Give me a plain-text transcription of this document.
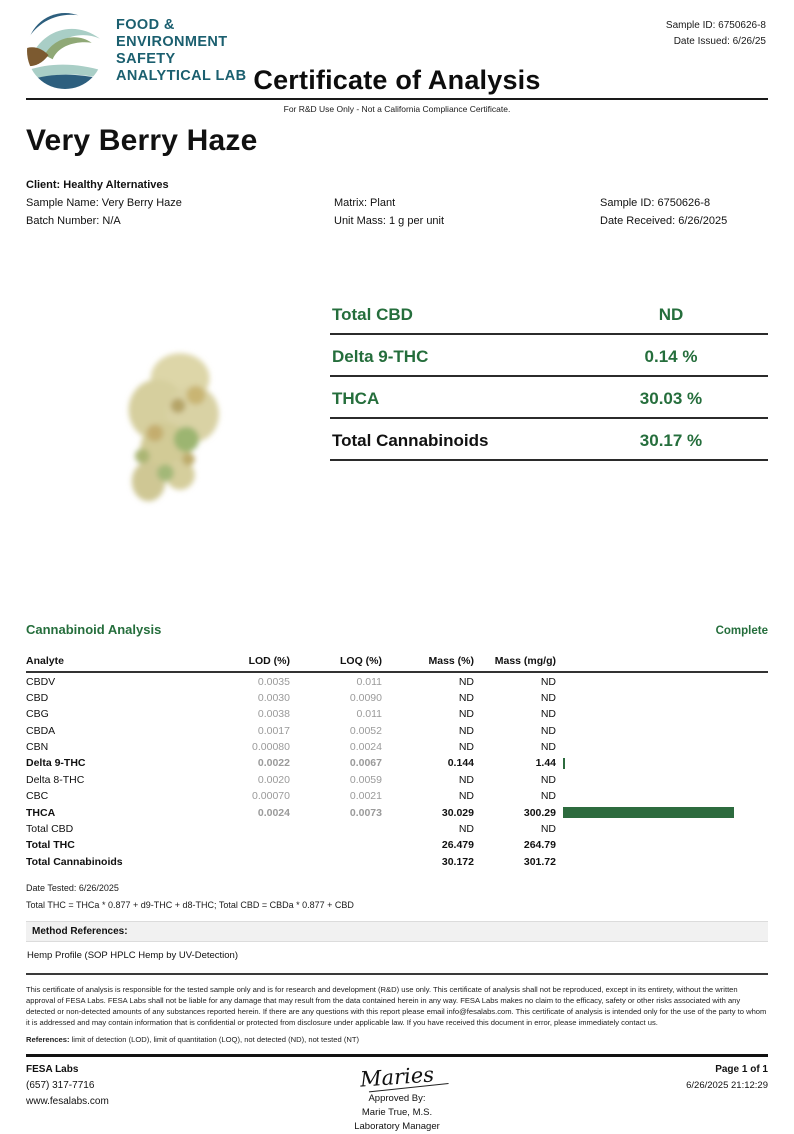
FOOD &
ENVIRONMENT
SAFETY
ANALYTICAL LAB
Sample ID: 6750626-8
Date Issued: 6/26/25
Certificate of Analysis
For R&D Use Only - Not a California Compliance Certificate.
Very Berry Haze
Client: Healthy Alternatives
Sample Name: Very Berry Haze	Matrix: Plant	Sample ID: 6750626-8
Batch Number: N/A	Unit Mass: 1 g per unit	Date Received: 6/26/2025
Total CBD	ND
Delta 9-THC	0.14 %
THCA	30.03 %
Total Cannabinoids	30.17 %
Cannabinoid Analysis	Complete
Analyte	LOD (%)	LOQ (%)	Mass (%)	Mass (mg/g)	
CBDV	0.0035	0.011	ND	ND	
CBD	0.0030	0.0090	ND	ND	
CBG	0.0038	0.011	ND	ND	
CBDA	0.0017	0.0052	ND	ND	
CBN	0.00080	0.0024	ND	ND	
Delta 9-THC	0.0022	0.0067	0.144	1.44	

Delta 8-THC	0.0020	0.0059	ND	ND	
CBC	0.00070	0.0021	ND	ND	
THCA	0.0024	0.0073	30.029	300.29	

Total CBD			ND	ND	
Total THC			26.479	264.79	
Total Cannabinoids			30.172	301.72	
Date Tested: 6/26/2025
Total THC = THCa * 0.877 + d9-THC + d8-THC; Total CBD = CBDa * 0.877 + CBD
Method References:
Hemp Profile (SOP HPLC Hemp by UV-Detection)
This certificate of analysis is responsible for the tested sample only and is for research and development (R&D) use only. This certificate of analysis shall not be reproduced, except in its entirety, without the written approval of FESA Labs. FESA Labs shall not be liable for any damage that may result from the data contained herein in any way. FESA Labs makes no claim to the efficacy, safety or other risks associated with any detected or non-detected amounts of any substances reported herein. If there are any questions with this report please email info@fesalabs.com. This certificate of analysis is intended only for the use of the party to whom it is addressed and may contain information that is confidential or protected from disclosure under applicable law. If you have received this document in error, please immediately contact us.
References: limit of detection (LOD), limit of quantitation (LOQ), not detected (ND), not tested (NT)
FESA Labs
(657) 317-7716
www.fesalabs.com
Maries
Approved By:
Marie True, M.S.
Laboratory Manager
Page 1 of 1
6/26/2025 21:12:29
